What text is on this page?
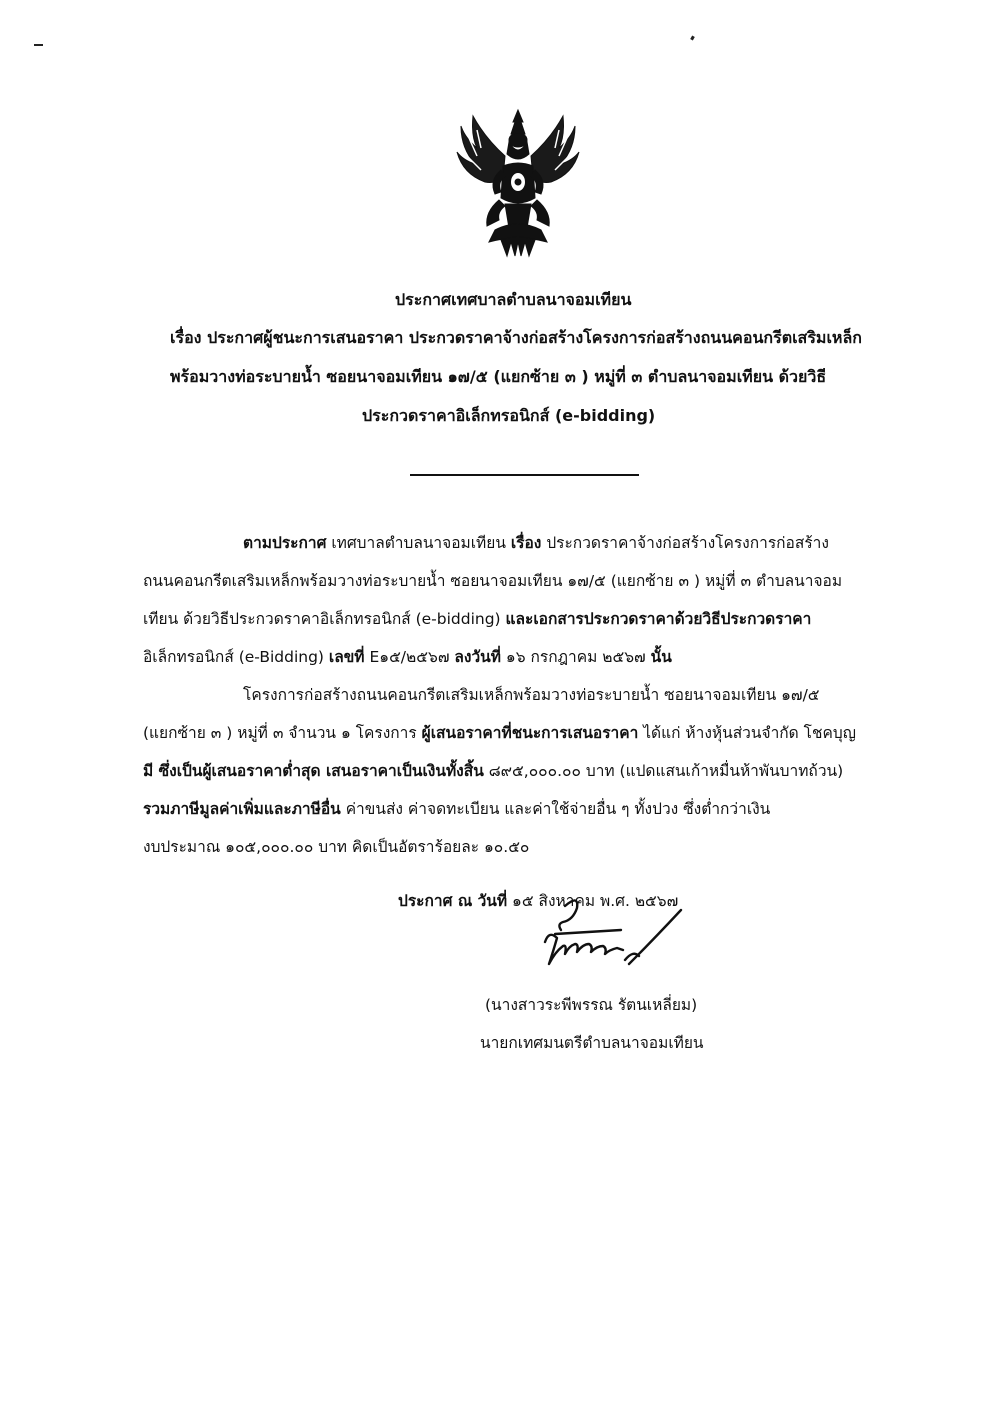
ประกาศเทศบาลตำบลนาจอมเทียน
เรื่อง ประกาศผู้ชนะการเสนอราคา ประกวดราคาจ้างก่อสร้างโครงการก่อสร้างถนนคอนกรีตเสริมเหล็ก
พร้อมวางท่อระบายน้ำ ซอยนาจอมเทียน ๑๗/๕ (แยกซ้าย ๓ ) หมู่ที่ ๓ ตำบลนาจอมเทียน ด้วยวิธี
ประกวดราคาอิเล็กทรอนิกส์ (e-bidding)
ตามประกาศ เทศบาลตำบลนาจอมเทียน เรื่อง ประกวดราคาจ้างก่อสร้างโครงการก่อสร้าง
ถนนคอนกรีตเสริมเหล็กพร้อมวางท่อระบายน้ำ ซอยนาจอมเทียน ๑๗/๕ (แยกซ้าย ๓ ) หมู่ที่ ๓ ตำบลนาจอม
เทียน ด้วยวิธีประกวดราคาอิเล็กทรอนิกส์ (e-bidding) และเอกสารประกวดราคาด้วยวิธีประกวดราคา
อิเล็กทรอนิกส์ (e-Bidding) เลขที่ E๑๕/๒๕๖๗ ลงวันที่ ๑๖ กรกฎาคม ๒๕๖๗ นั้น
โครงการก่อสร้างถนนคอนกรีตเสริมเหล็กพร้อมวางท่อระบายน้ำ ซอยนาจอมเทียน ๑๗/๕
(แยกซ้าย ๓ ) หมู่ที่ ๓ จำนวน ๑ โครงการ ผู้เสนอราคาที่ชนะการเสนอราคา ได้แก่ ห้างหุ้นส่วนจำกัด โชคบุญ
มี ซึ่งเป็นผู้เสนอราคาต่ำสุด เสนอราคาเป็นเงินทั้งสิ้น ๘๙๕,๐๐๐.๐๐ บาท (แปดแสนเก้าหมื่นห้าพันบาทถ้วน)
รวมภาษีมูลค่าเพิ่มและภาษีอื่น ค่าขนส่ง ค่าจดทะเบียน และค่าใช้จ่ายอื่น ๆ ทั้งปวง ซึ่งต่ำกว่าเงิน
งบประมาณ ๑๐๕,๐๐๐.๐๐ บาท คิดเป็นอัตราร้อยละ ๑๐.๕๐
ประกาศ ณ วันที่ ๑๕ สิงหาคม พ.ศ. ๒๕๖๗
(นางสาวระพีพรรณ รัตนเหลี่ยม)
นายกเทศมนตรีตำบลนาจอมเทียน
